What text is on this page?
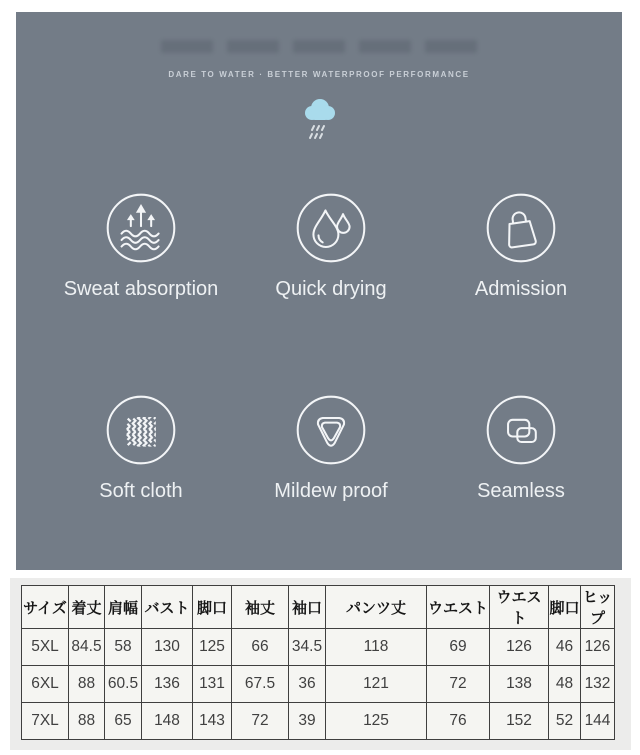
DARE TO WATER · BETTER WATERPROOF PERFORMANCE
Sweat absorption	Quick drying	Admission
Soft cloth	Mildew proof	Seamless
サイズ	着丈	肩幅	バスト	脚口	袖丈	袖口	パンツ丈	ウエスト	ウエスト	脚口	ヒップ
5XL	84.5	58	130	125	66	34.5	118	69	126	46	126
6XL	88	60.5	136	131	67.5	36	121	72	138	48	132
7XL	88	65	148	143	72	39	125	76	152	52	144
